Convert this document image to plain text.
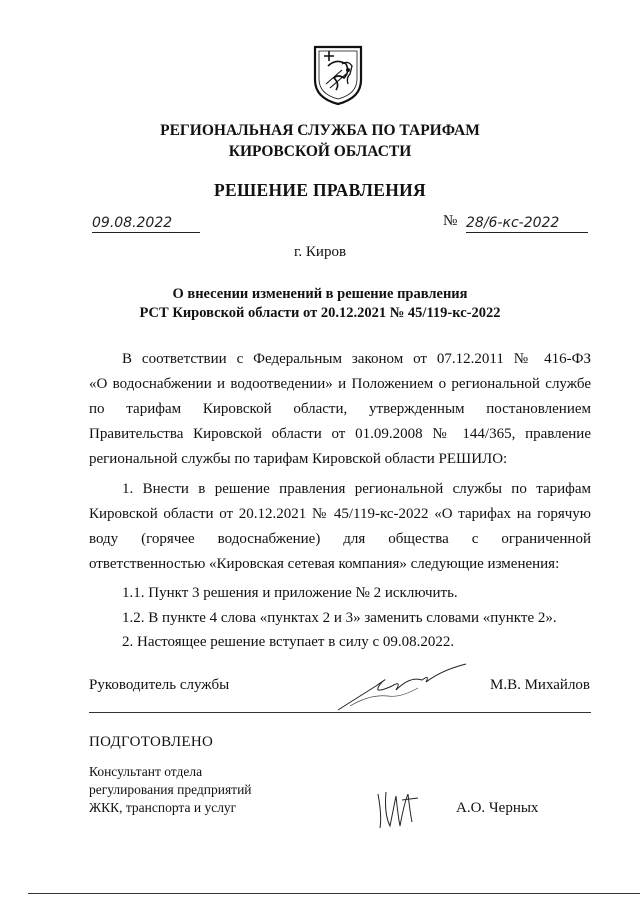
РЕГИОНАЛЬНАЯ СЛУЖБА ПО ТАРИФАМ
КИРОВСКОЙ ОБЛАСТИ
РЕШЕНИЕ ПРАВЛЕНИЯ
09.08.2022	№ 28/6-кс-2022
г. Киров
О внесении изменений в решение правления
РСТ Кировской области от 20.12.2021 № 45/119-кс-2022
В соответствии с Федеральным законом от 07.12.2011 № 416-ФЗ
«О водоснабжении и водоотведении» и Положением о региональной службе
по тарифам Кировской области, утвержденным постановлением
Правительства Кировской области от 01.09.2008 № 144/365, правление
региональной службы по тарифам Кировской области РЕШИЛО:
1. Внести в решение правления региональной службы по тарифам
Кировской области от 20.12.2021 № 45/119-кс-2022 «О тарифах на горячую
воду (горячее водоснабжение) для общества с ограниченной
ответственностью «Кировская сетевая компания» следующие изменения:
1.1. Пункт 3 решения и приложение № 2 исключить.
1.2. В пункте 4 слова «пунктах 2 и 3» заменить словами «пункте 2».
2. Настоящее решение вступает в силу с 09.08.2022.
Руководитель службы	М.В. Михайлов
ПОДГОТОВЛЕНО
Консультант отдела
регулирования предприятий
ЖКК, транспорта и услуг	А.О. Черных
